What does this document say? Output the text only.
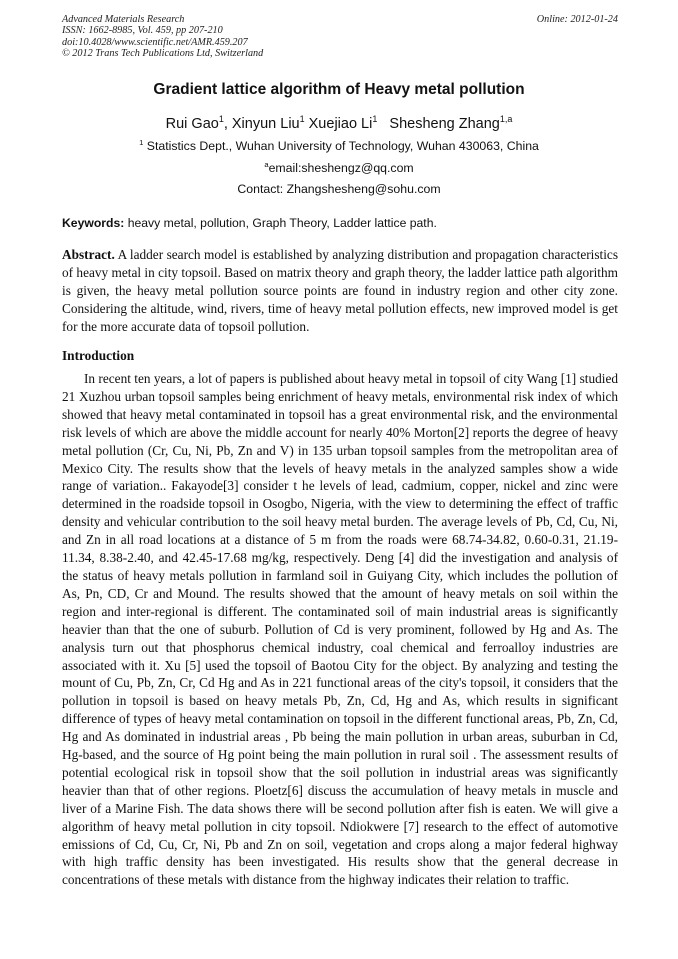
Advanced Materials Research
ISSN: 1662-8985, Vol. 459, pp 207-210
doi:10.4028/www.scientific.net/AMR.459.207
© 2012 Trans Tech Publications Ltd, Switzerland
Online: 2012-01-24
Gradient lattice algorithm of Heavy metal pollution
Rui Gao$^1$, Xinyun Liu$^1$ Xuejiao Li$^1$ Shesheng Zhang$^{1,a}$
$^1$ Statistics Dept., Wuhan University of Technology, Wuhan 430063, China
$^a$email:sheshengz@qq.com
Contact: Zhangshesheng@sohu.com
Keywords: heavy metal, pollution, Graph Theory, Ladder lattice path.
Abstract. A ladder search model is established by analyzing distribution and propagation characteristics of heavy metal in city topsoil. Based on matrix theory and graph theory, the ladder lattice path algorithm is given, the heavy metal pollution source points are found in industry region and other city zone. Considering the altitude, wind, rivers, time of heavy metal pollution effects, new improved model is get for the more accurate data of topsoil pollution.
Introduction
In recent ten years, a lot of papers is published about heavy metal in topsoil of city Wang [1] studied 21 Xuzhou urban topsoil samples being enrichment of heavy metals, environmental risk index of which showed that heavy metal contaminated in topsoil has a great environmental risk, and the environmental risk levels of which are above the middle account for nearly 40% Morton[2] reports the degree of heavy metal pollution (Cr, Cu, Ni, Pb, Zn and V) in 135 urban topsoil samples from the metropolitan area of Mexico City. The results show that the levels of heavy metals in the analyzed samples show a wide range of variation.. Fakayode[3] consider t he levels of lead, cadmium, copper, nickel and zinc were determined in the roadside topsoil in Osogbo, Nigeria, with the view to determining the effect of traffic density and vehicular contribution to the soil heavy metal burden. The average levels of Pb, Cd, Cu, Ni, and Zn in all road locations at a distance of 5 m from the roads were 68.74-34.82, 0.60-0.31, 21.19-11.34, 8.38-2.40, and 42.45-17.68 mg/kg, respectively. Deng [4] did the investigation and analysis of the status of heavy metals pollution in farmland soil in Guiyang City, which includes the pollution of As, Pn, CD, Cr and Mound. The results showed that the amount of heavy metals on soil within the region and inter-regional is different. The contaminated soil of main industrial areas is significantly heavier than that the one of suburb. Pollution of Cd is very prominent, followed by Hg and As. The analysis turn out that phosphorus chemical industry, coal chemical and ferroalloy industries are associated with it. Xu [5] used the topsoil of Baotou City for the object. By analyzing and testing the mount of Cu, Pb, Zn, Cr, Cd Hg and As in 221 functional areas of the city's topsoil, it considers that the pollution in topsoil is based on heavy metals Pb, Zn, Cd, Hg and As, which results in significant difference of types of heavy metal contamination on topsoil in the different functional areas, Pb, Zn, Cd, Hg and As dominated in industrial areas , Pb being the main pollution in urban areas, suburban in Cd, Hg-based, and the source of Hg point being the main pollution in rural soil . The assessment results of potential ecological risk in topsoil show that the soil pollution in industrial areas was significantly heavier than that of other regions. Ploetz[6] discuss the accumulation of heavy metals in muscle and liver of a Marine Fish. The data shows there will be second pollution after fish is eaten. We will give a algorithm of heavy metal pollution in city topsoil. Ndiokwere [7] research to the effect of automotive emissions of Cd, Cu, Cr, Ni, Pb and Zn on soil, vegetation and crops along a major federal highway with high traffic density has been investigated. His results show that the general decrease in concentrations of these metals with distance from the highway indicates their relation to traffic.
